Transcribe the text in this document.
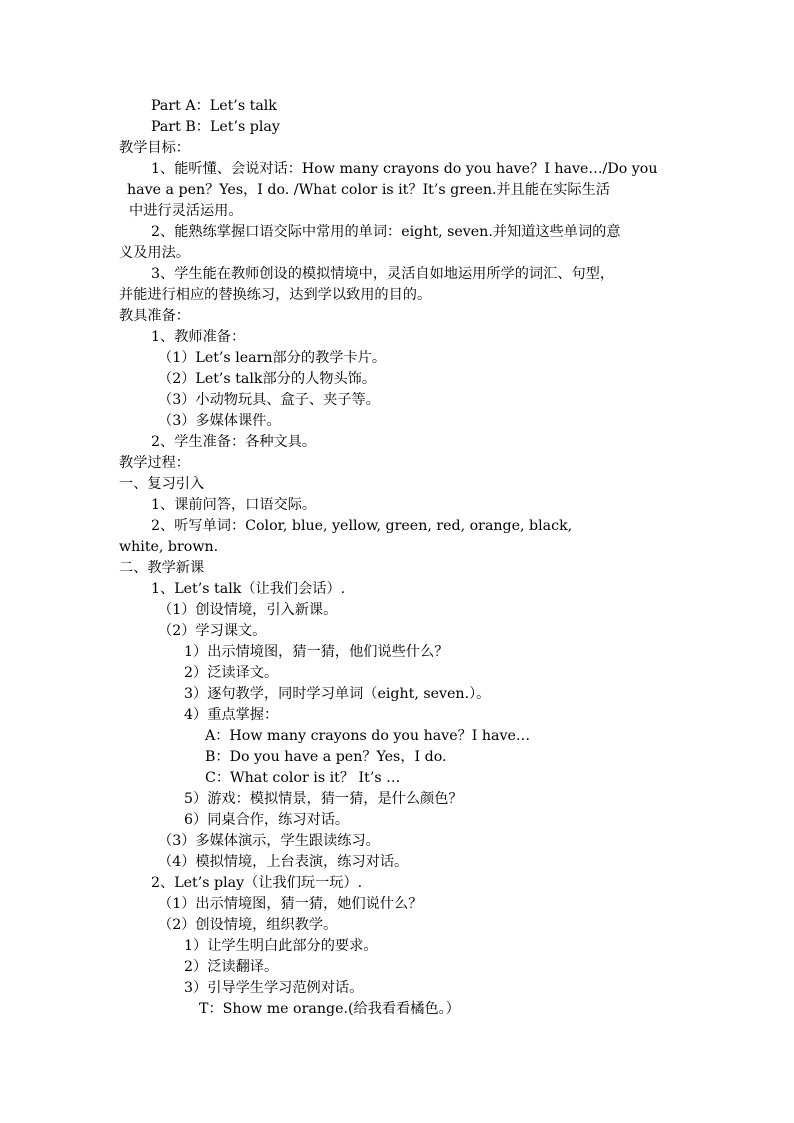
Part A：Let’s talk
Part B：Let’s play
教学目标：
1、能听懂、会说对话：How many crayons do you have？I have…/Do you
have a pen？Yes，I do. /What color is it？It’s green.并且能在实际生活
中进行灵活运用。
2、能熟练掌握口语交际中常用的单词：eight, seven.并知道这些单词的意
义及用法。
3、学生能在教师创设的模拟情境中，灵活自如地运用所学的词汇、句型，
并能进行相应的替换练习，达到学以致用的目的。
教具准备：
1、教师准备：
（1）Let’s learn部分的教学卡片。
（2）Let’s talk部分的人物头饰。
（3）小动物玩具、盒子、夹子等。
（3）多媒体课件。
2、学生准备：各种文具。
教学过程：
一、复习引入
1、课前问答，口语交际。
2、听写单词：Color, blue, yellow, green, red, orange, black,
white, brown.
二、教学新课
1、Let’s talk（让我们会话）.
（1）创设情境，引入新课。
（2）学习课文。
1）出示情境图，猜一猜，他们说些什么？
2）泛读译文。
3）逐句教学，同时学习单词（eight, seven.）。
4）重点掌握：
A：How many crayons do you have？I have…
B：Do you have a pen？Yes，I do.
C：What color is it？ It’s …
5）游戏：模拟情景，猜一猜，是什么颜色？
6）同桌合作，练习对话。
（3）多媒体演示，学生跟读练习。
（4）模拟情境，上台表演，练习对话。
2、Let’s play（让我们玩一玩）.
（1）出示情境图，猜一猜，她们说什么？
（2）创设情境，组织教学。
1）让学生明白此部分的要求。
2）泛读翻译。
3）引导学生学习范例对话。
T：Show me orange.(给我看看橘色。）
